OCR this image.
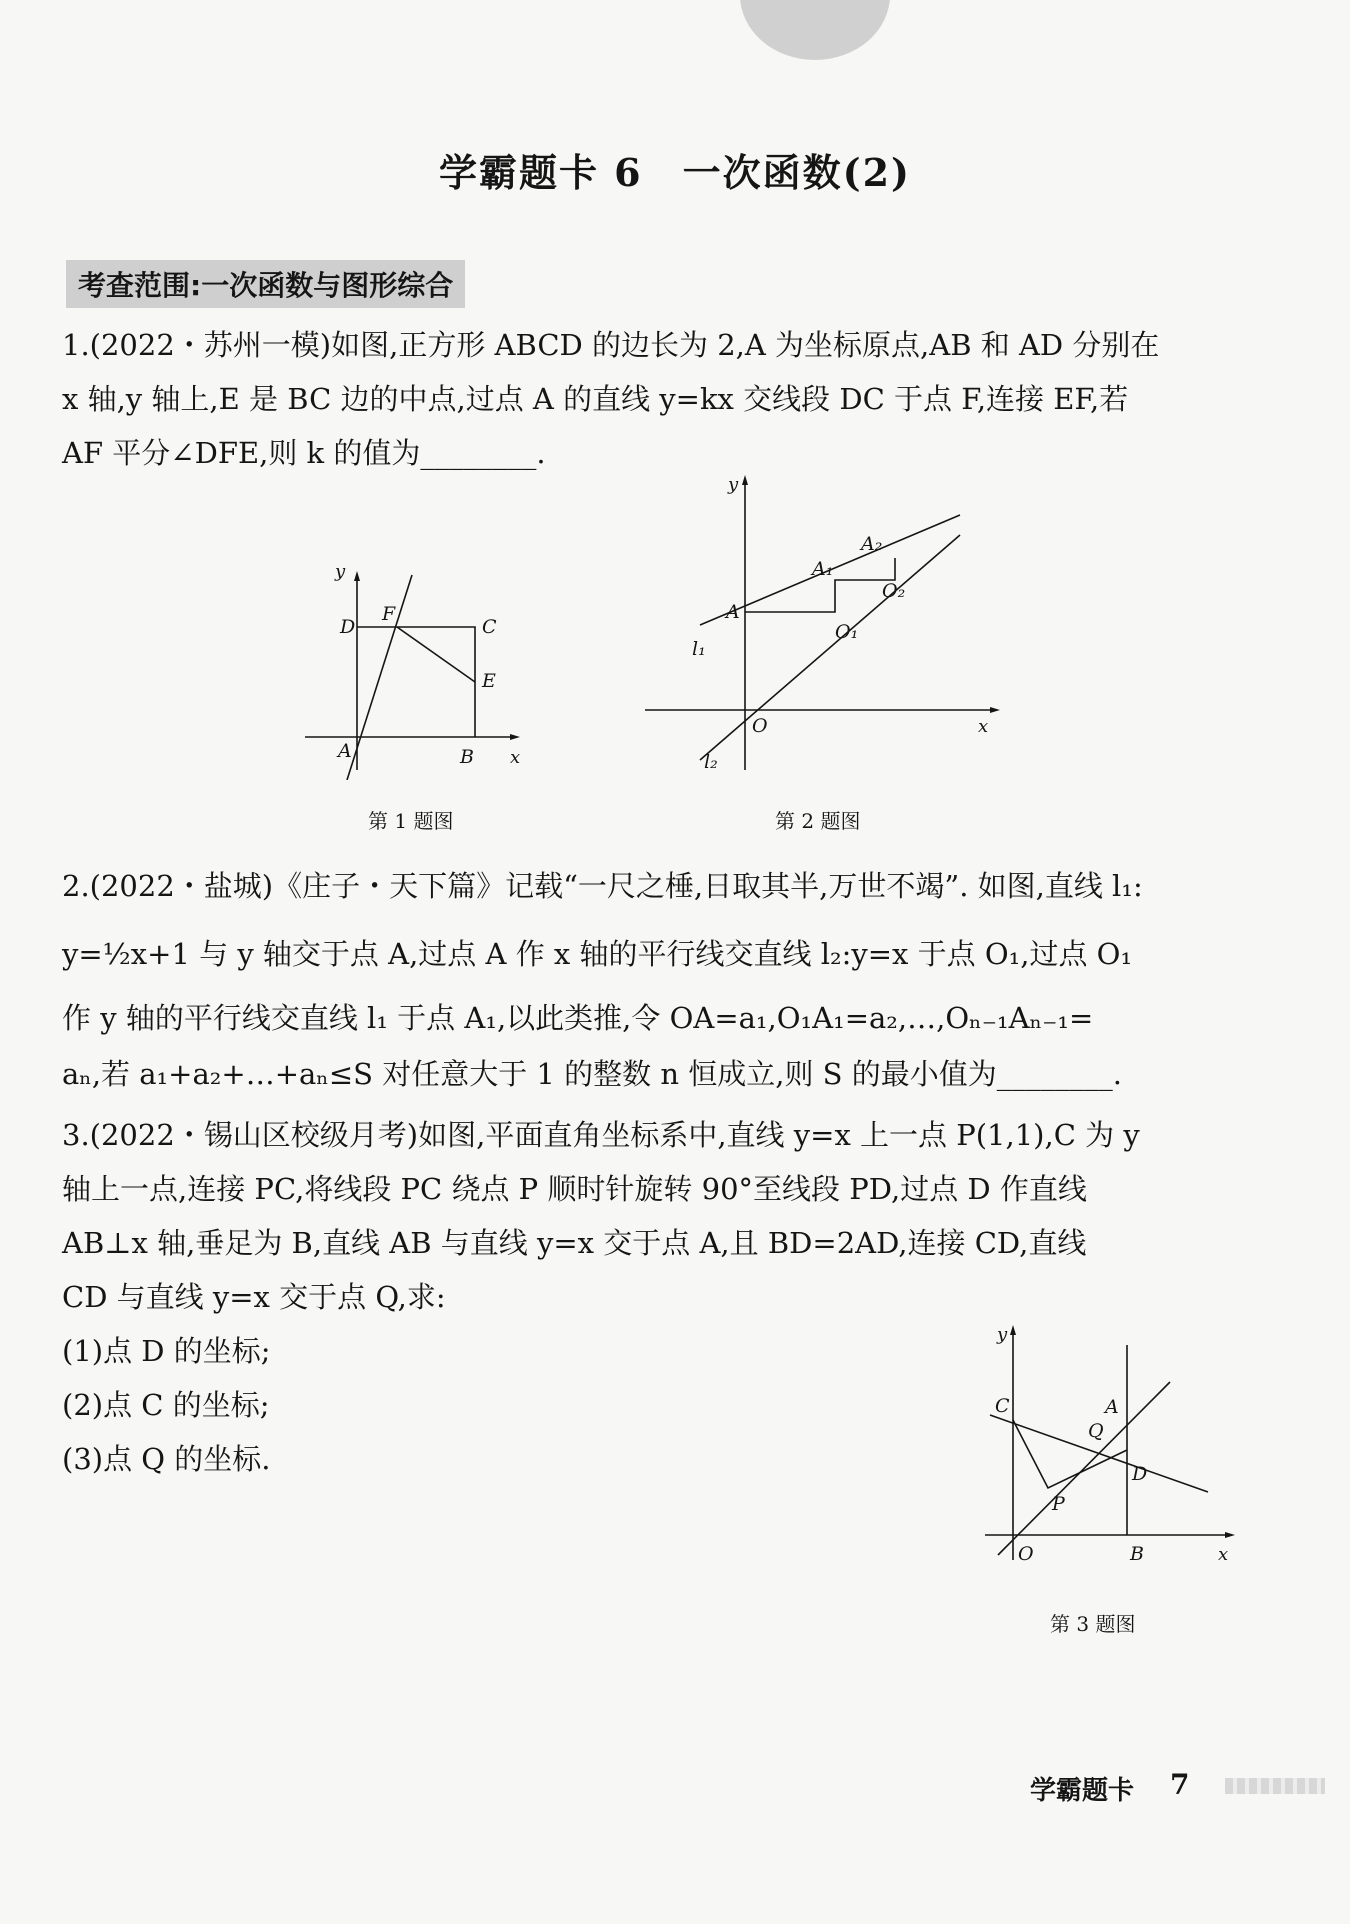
学霸题卡 6　一次函数(2)
考查范围:一次函数与图形综合
1.(2022・苏州一模)如图,正方形 ABCD 的边长为 2,A 为坐标原点,AB 和 AD 分别在
x 轴,y 轴上,E 是 BC 边的中点,过点 A 的直线 y=kx 交线段 DC 于点 F,连接 EF,若
AF 平分∠DFE,则 k 的值为________.
y
x
D
F
C
E
A	B
第 1 题图
y
x
O
A
A₁
A₂
O₁
O₂
l₁
l₂
第 2 题图
2.(2022・盐城)《庄子・天下篇》记载“一尺之棰,日取其半,万世不竭”. 如图,直线 l₁:
y=½x+1 与 y 轴交于点 A,过点 A 作 x 轴的平行线交直线 l₂:y=x 于点 O₁,过点 O₁
作 y 轴的平行线交直线 l₁ 于点 A₁,以此类推,令 OA=a₁,O₁A₁=a₂,…,Oₙ₋₁Aₙ₋₁=
aₙ,若 a₁+a₂+…+aₙ≤S 对任意大于 1 的整数 n 恒成立,则 S 的最小值为________.
3.(2022・锡山区校级月考)如图,平面直角坐标系中,直线 y=x 上一点 P(1,1),C 为 y
轴上一点,连接 PC,将线段 PC 绕点 P 顺时针旋转 90°至线段 PD,过点 D 作直线
AB⊥x 轴,垂足为 B,直线 AB 与直线 y=x 交于点 A,且 BD=2AD,连接 CD,直线
CD 与直线 y=x 交于点 Q,求:
(1)点 D 的坐标;
(2)点 C 的坐标;
(3)点 Q 的坐标.
y
x
O	B
C	A
Q
D
P
第 3 题图
学霸题卡 7
